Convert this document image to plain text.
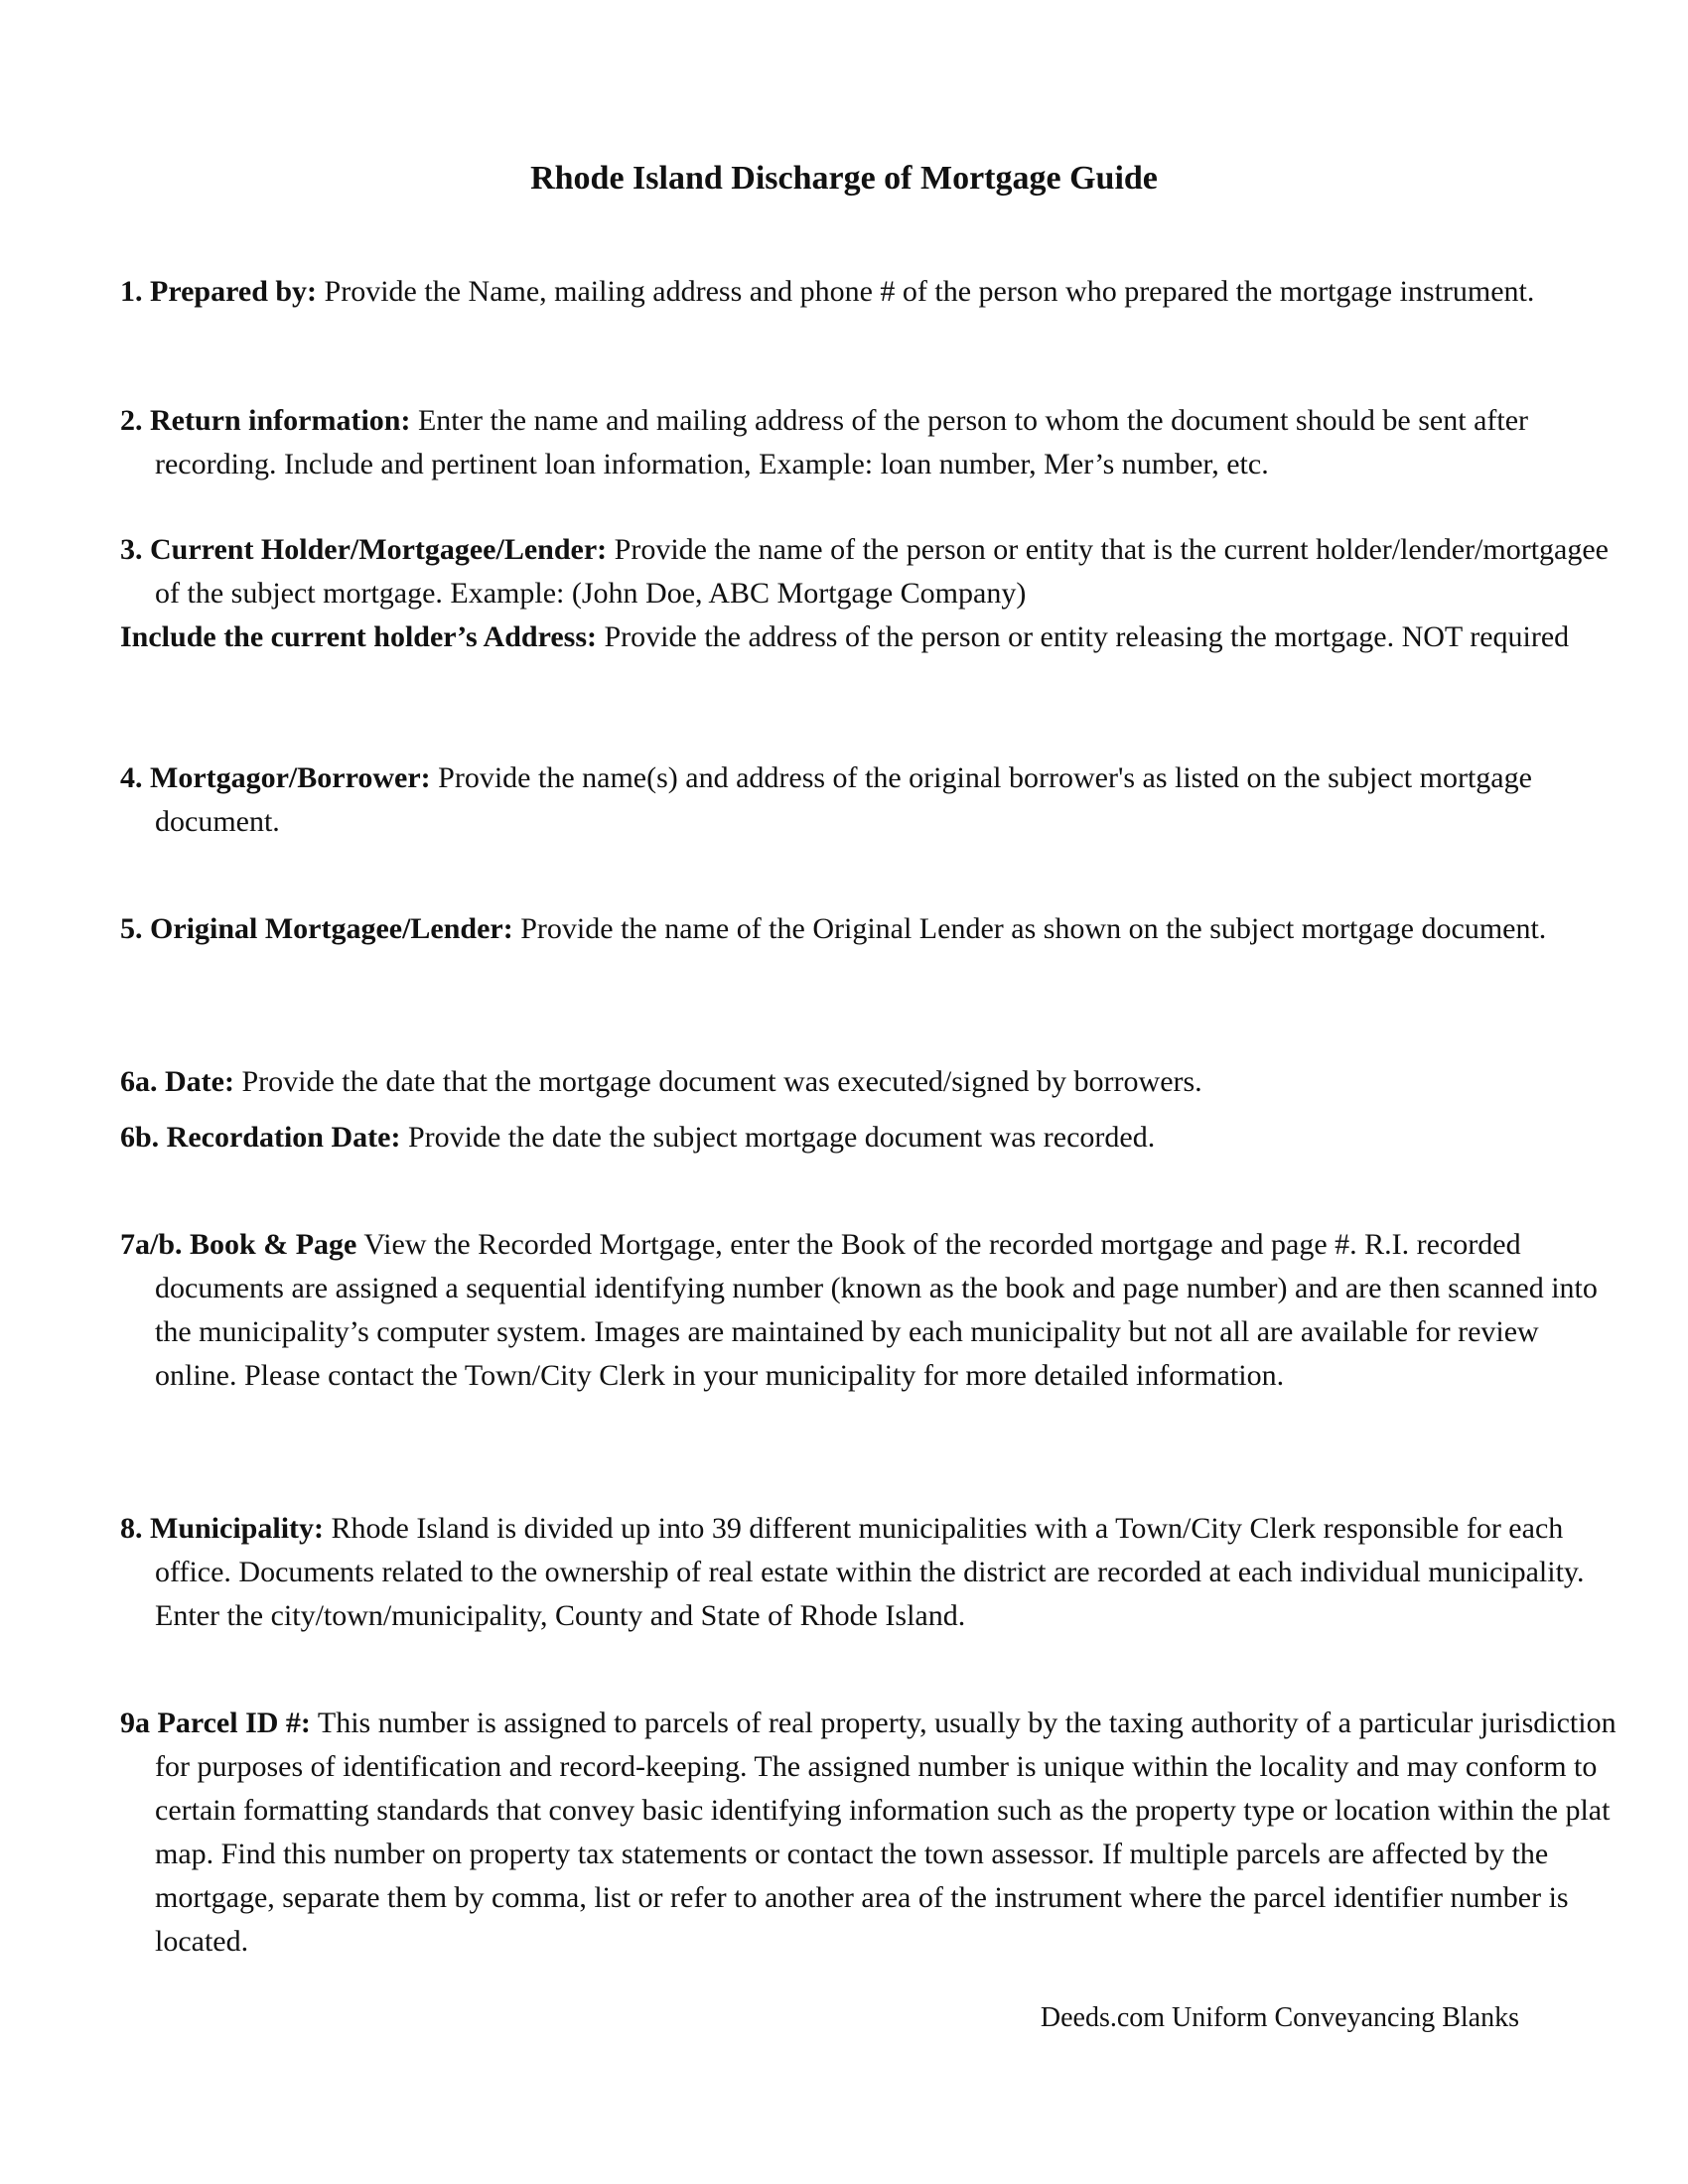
Rhode Island Discharge of Mortgage Guide
1. Prepared by: Provide the Name, mailing address and phone # of the person who prepared the mortgage instrument.
2. Return information: Enter the name and mailing address of the person to whom the document should be sent after recording. Include and pertinent loan information, Example: loan number, Mer’s number, etc.
3. Current Holder/Mortgagee/Lender: Provide the name of the person or entity that is the current holder/lender/mortgagee of the subject mortgage. Example: (John Doe, ABC Mortgage Company)
Include the current holder’s Address: Provide the address of the person or entity releasing the mortgage. NOT required
4. Mortgagor/Borrower: Provide the name(s) and address of the original borrower's as listed on the subject mortgage document.
5. Original Mortgagee/Lender: Provide the name of the Original Lender as shown on the subject mortgage document.
6a. Date: Provide the date that the mortgage document was executed/signed by borrowers.
6b. Recordation Date: Provide the date the subject mortgage document was recorded.
7a/b. Book & Page View the Recorded Mortgage, enter the Book of the recorded mortgage and page #. R.I. recorded documents are assigned a sequential identifying number (known as the book and page number) and are then scanned into the municipality’s computer system. Images are maintained by each municipality but not all are available for review online. Please contact the Town/City Clerk in your municipality for more detailed information.
8. Municipality: Rhode Island is divided up into 39 different municipalities with a Town/City Clerk responsible for each office. Documents related to the ownership of real estate within the district are recorded at each individual municipality. Enter the city/town/municipality, County and State of Rhode Island.
9a Parcel ID #: This number is assigned to parcels of real property, usually by the taxing authority of a particular jurisdiction for purposes of identification and record-keeping. The assigned number is unique within the locality and may conform to certain formatting standards that convey basic identifying information such as the property type or location within the plat map. Find this number on property tax statements or contact the town assessor. If multiple parcels are affected by the mortgage, separate them by comma, list or refer to another area of the instrument where the parcel identifier number is located.
Deeds.com Uniform Conveyancing Blanks
